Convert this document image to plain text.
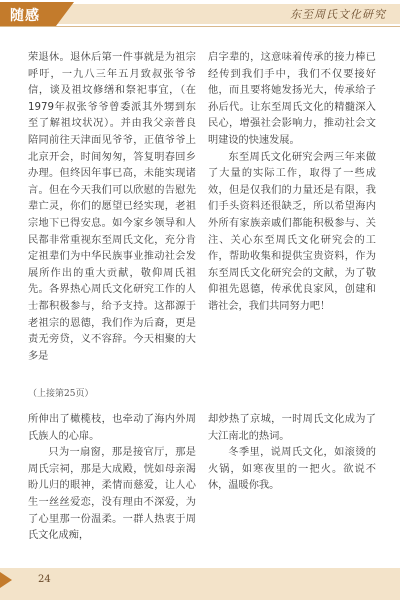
随感	东至周氏文化研究

荣退休。退休后第一件事就是为祖宗呼吁，一九八三年五月致叔张爷爷信，谈及祖坟修缮和祭祀事宜，（在1979年叔张爷爷曾委派其外甥到东至了解祖坟状况）。并由我父亲普良陪同前往天津面见爷爷，正值爷爷上北京开会，时间匆匆，答复明春回乡办理。但终因年事已高，未能实现诸言。但在今天我们可以欣慰的告慰先辈亡灵，你们的愿望已经实现，老祖宗地下已得安息。如今家乡领导和人民都非常重视东至周氏文化，充分肯定祖辈们为中华民族事业推动社会发展所作出的重大贡献，敬仰周氏祖先。各界热心周氏文化研究工作的人士都积极参与，给予支持。这都源于老祖宗的恩德，我们作为后裔，更是责无旁贷，义不容辞。今天相聚的大多是

启字辈的，这意味着传承的接力棒已经传到我们手中，我们不仅要接好他，而且要将她发扬光大，传承给子孙后代。让东至周氏文化的精髓深入民心，增强社会影响力，推动社会文明建设的快速发展。

东至周氏文化研究会两三年来做了大量的实际工作，取得了一些成效，但是仅我们的力量还是有限，我们手头资料还很缺乏，所以希望海内外所有家族亲戚们都能积极参与、关注、关心东至周氏文化研究会的工作，帮助收集和提供宝贵资料，作为东至周氏文化研究会的文献，为了敬仰祖先恩德，传承优良家风，创建和谐社会，我们共同努力吧！

（上接第25页）

所伸出了橄榄枝，也牵动了海内外周氏族人的心扉。

只为一扇窗，那是接官厅，那是周氏宗祠，那是大成殿，恍如母亲渴盼儿归的眼神，柔情而慈爱，让人心生一丝丝爱恋，没有理由不深爱，为了心里那一份温柔。一群人热衷于周氏文化成痴，

却炒热了京城，一时周氏文化成为了大江南北的热词。

冬季里，说周氏文化，如滚烫的火锅，如寒夜里的一把火。欲说不休，温暖你我。

24
